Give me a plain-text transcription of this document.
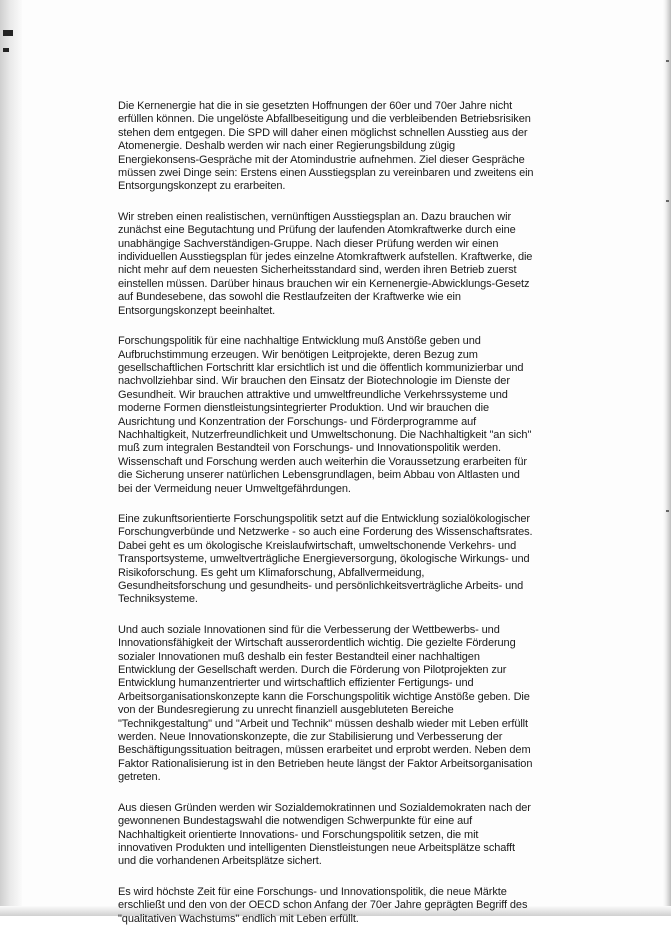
Die Kernenergie hat die in sie gesetzten Hoffnungen der 60er und 70er Jahre nicht
erfüllen können. Die ungelöste Abfallbeseitigung und die verbleibenden Betriebsrisiken
stehen dem entgegen. Die SPD will daher einen möglichst schnellen Ausstieg aus der
Atomenergie. Deshalb werden wir nach einer Regierungsbildung zügig
Energiekonsens-Gespräche mit der Atomindustrie aufnehmen. Ziel dieser Gespräche
müssen zwei Dinge sein: Erstens einen Ausstiegsplan zu vereinbaren und zweitens ein
Entsorgungskonzept zu erarbeiten.

Wir streben einen realistischen, vernünftigen Ausstiegsplan an. Dazu brauchen wir
zunächst eine Begutachtung und Prüfung der laufenden Atomkraftwerke durch eine
unabhängige Sachverständigen-Gruppe. Nach dieser Prüfung werden wir einen
individuellen Ausstiegsplan für jedes einzelne Atomkraftwerk aufstellen. Kraftwerke, die
nicht mehr auf dem neuesten Sicherheitsstandard sind, werden ihren Betrieb zuerst
einstellen müssen. Darüber hinaus brauchen wir ein Kernenergie-Abwicklungs-Gesetz
auf Bundesebene, das sowohl die Restlaufzeiten der Kraftwerke wie ein
Entsorgungskonzept beeinhaltet.

Forschungspolitik für eine nachhaltige Entwicklung muß Anstöße geben und
Aufbruchstimmung erzeugen. Wir benötigen Leitprojekte, deren Bezug zum
gesellschaftlichen Fortschritt klar ersichtlich ist und die öffentlich kommunizierbar und
nachvollziehbar sind. Wir brauchen den Einsatz der Biotechnologie im Dienste der
Gesundheit. Wir brauchen attraktive und umweltfreundliche Verkehrssysteme und
moderne Formen dienstleistungsintegrierter Produktion. Und wir brauchen die
Ausrichtung und Konzentration der Forschungs- und Förderprogramme auf
Nachhaltigkeit, Nutzerfreundlichkeit und Umweltschonung. Die Nachhaltigkeit "an sich"
muß zum integralen Bestandteil von Forschungs- und Innovationspolitik werden.
Wissenschaft und Forschung werden auch weiterhin die Voraussetzung erarbeiten für
die Sicherung unserer natürlichen Lebensgrundlagen, beim Abbau von Altlasten und
bei der Vermeidung neuer Umweltgefährdungen.

Eine zukunftsorientierte Forschungspolitik setzt auf die Entwicklung sozialökologischer
Forschungverbünde und Netzwerke - so auch eine Forderung des Wissenschaftsrates.
Dabei geht es um ökologische Kreislaufwirtschaft, umweltschonende Verkehrs- und
Transportsysteme, umweltverträgliche Energieversorgung, ökologische Wirkungs- und
Risikoforschung. Es geht um Klimaforschung, Abfallvermeidung,
Gesundheitsforschung und gesundheits- und persönlichkeitsverträgliche Arbeits- und
Techniksysteme.

Und auch soziale Innovationen sind für die Verbesserung der Wettbewerbs- und
Innovationsfähigkeit der Wirtschaft ausserordentlich wichtig. Die gezielte Förderung
sozialer Innovationen muß deshalb ein fester Bestandteil einer nachhaltigen
Entwicklung der Gesellschaft werden. Durch die Förderung von Pilotprojekten zur
Entwicklung humanzentrierter und wirtschaftlich effizienter Fertigungs- und
Arbeitsorganisationskonzepte kann die Forschungspolitik wichtige Anstöße geben. Die
von der Bundesregierung zu unrecht finanziell ausgebluteten Bereiche
"Technikgestaltung" und "Arbeit und Technik" müssen deshalb wieder mit Leben erfüllt
werden. Neue Innovationskonzepte, die zur Stabilisierung und Verbesserung der
Beschäftigungssituation beitragen, müssen erarbeitet und erprobt werden. Neben dem
Faktor Rationalisierung ist in den Betrieben heute längst der Faktor Arbeitsorganisation
getreten.

Aus diesen Gründen werden wir Sozialdemokratinnen und Sozialdemokraten nach der
gewonnenen Bundestagswahl die notwendigen Schwerpunkte für eine auf
Nachhaltigkeit orientierte Innovations- und Forschungspolitik setzen, die mit
innovativen Produkten und intelligenten Dienstleistungen neue Arbeitsplätze schafft
und die vorhandenen Arbeitsplätze sichert.

Es wird höchste Zeit für eine Forschungs- und Innovationspolitik, die neue Märkte
erschließt und den von der OECD schon Anfang der 70er Jahre geprägten Begriff des
"qualitativen Wachstums" endlich mit Leben erfüllt.
